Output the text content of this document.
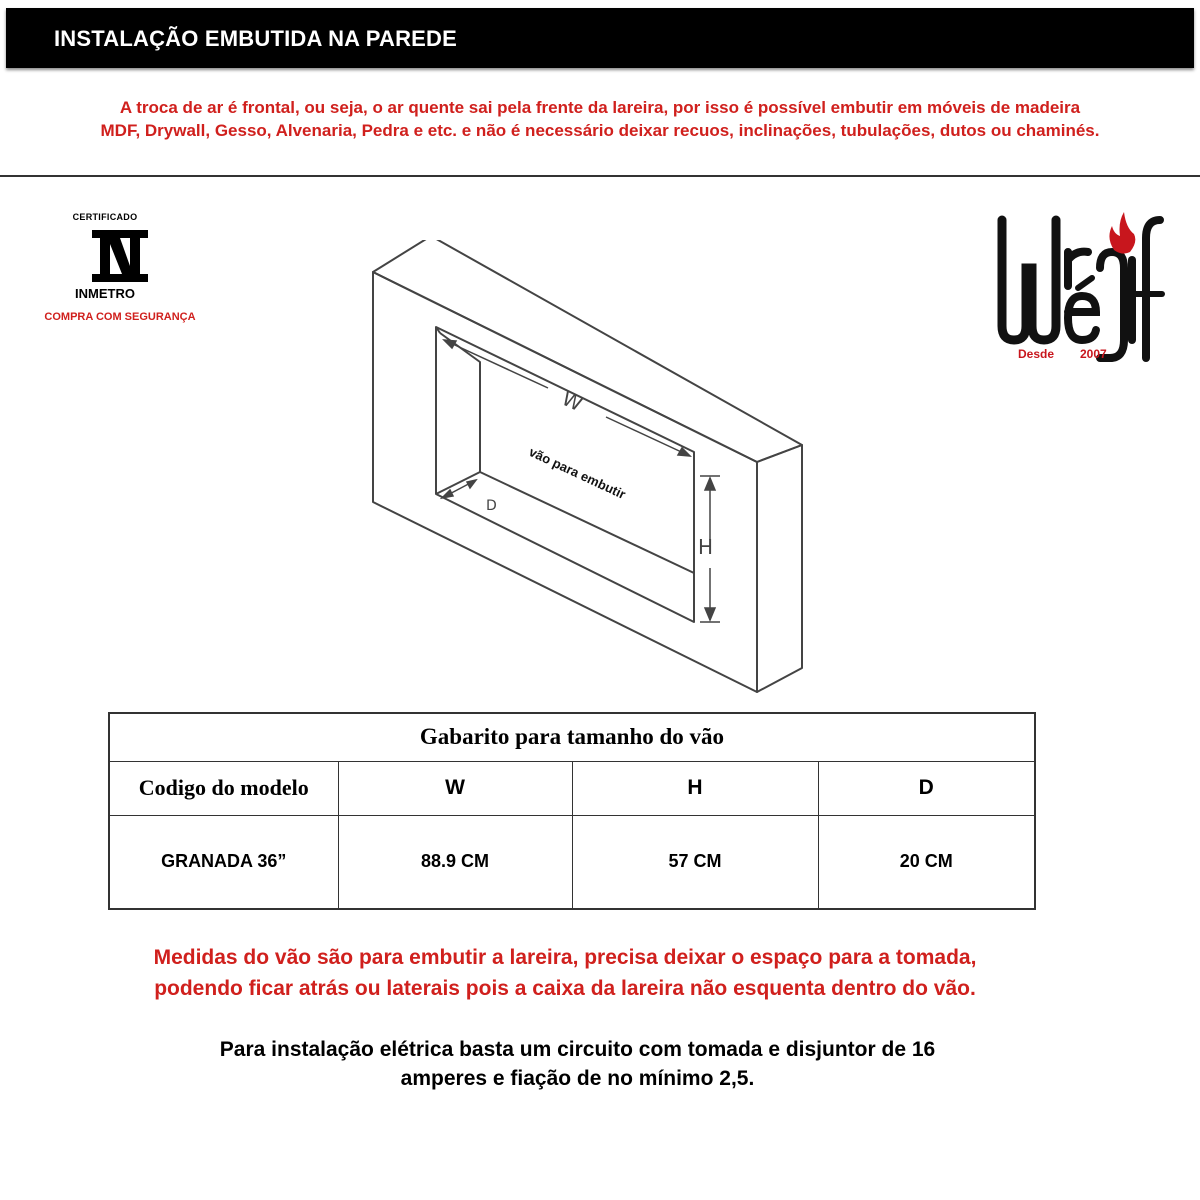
INSTALAÇÃO EMBUTIDA NA PAREDE
A troca de ar é frontal, ou seja, o ar quente sai pela frente da lareira, por isso é possível embutir em móveis de madeira
MDF, Drywall, Gesso, Alvenaria, Pedra e etc. e não é necessário deixar recuos, inclinações, tubulações, dutos ou chaminés.
CERTIFICADO
INMETRO
COMPRA COM SEGURANÇA
Desde 2007
W
H
D
vão para embutir
Gabarito para tamanho do vão			
Codigo do modelo	W	H	D
GRANADA 36”	88.9 CM	57 CM	20 CM
Medidas do vão são para embutir a lareira, precisa deixar o espaço para a tomada,
podendo ficar atrás ou laterais pois a caixa da lareira não esquenta dentro do vão.
Para instalação elétrica basta um circuito com tomada e disjuntor de 16
amperes e fiação de no mínimo 2,5.
